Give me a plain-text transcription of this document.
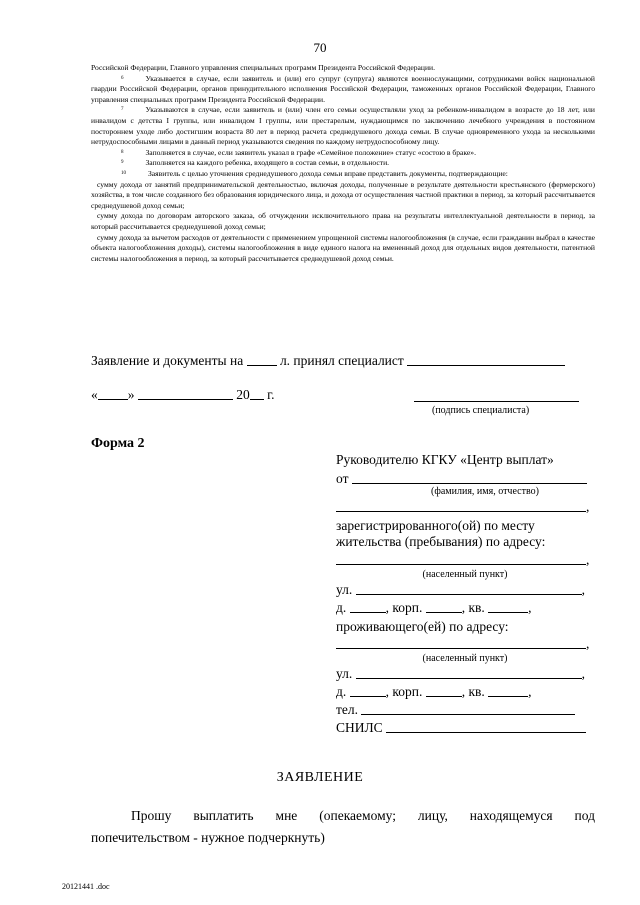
70

Российской Федерации, Главного управления специальных программ Президента Российской Федерации.

$^6$	Указывается в случае, если заявитель и (или) его супруг (супруга) являются военнослужащими, сотрудниками войск национальной гвардии Российской Федерации, органов принудительного исполнения Российской Федерации, таможенных органов Российской Федерации, Главного управления специальных программ Президента Российской Федерации.

$^7$	Указываются в случае, если заявитель и (или) член его семьи осуществляли уход за ребенком-инвалидом в возрасте до 18 лет, или инвалидом с детства I группы, или инвалидом I группы, или престарелым, нуждающимся по заключению лечебного учреждения в постоянном постороннем уходе либо достигшим возраста 80 лет в период расчета среднедушевого дохода семьи. В случае одновременного ухода за несколькими нетрудоспособными лицами в данный период указываются сведения по каждому нетрудоспособному лицу.

$^8$	Заполняется в случае, если заявитель указал в графе «Семейное положение» статус «состою в браке».

$^9$	Заполняется на каждого ребенка, входящего в состав семьи, в отдельности.

$^{10}$	Заявитель с целью уточнения среднедушевого дохода семьи вправе представить документы, подтверждающие:

сумму дохода от занятий предпринимательской деятельностью, включая доходы, полученные в результате деятельности крестьянского (фермерского) хозяйства, в том числе созданного без образования юридического лица, и дохода от осуществления частной практики в период, за который рассчитывается среднедушевой доход семьи;

сумму дохода по договорам авторского заказа, об отчуждении исключительного права на результаты интеллектуальной деятельности в период, за который рассчитывается среднедушевой доход семьи;

сумму дохода за вычетом расходов от деятельности с применением упрощенной системы налогообложения (в случае, если гражданин выбрал в качестве объекта налогообложения доходы), системы налогообложения в виде единого налога на вмененный доход для отдельных видов деятельности, патентной системы налогообложения в период, за который рассчитывается среднедушевой доход семьи.

Заявление и документы на	л. принял специалист
« »	20 г.
(подпись специалиста)
Форма 2
Руководителю КГКУ «Центр выплат»
от
(фамилия, имя, отчество)
,
зарегистрированного(ой) по месту
жительства (пребывания) по адресу:
,
(населенный пункт)
ул.	,
д.	, корп.	, кв.	,
проживающего(ей) по адресу:
,
(населенный пункт)
ул.	,
д.	, корп.	, кв.	,
тел.
СНИЛС
ЗАЯВЛЕНИЕ

Прошу выплатить мне (опекаемому; лицу, находящемуся под

попечительством - нужное подчеркнуть)

20121441 .doc
